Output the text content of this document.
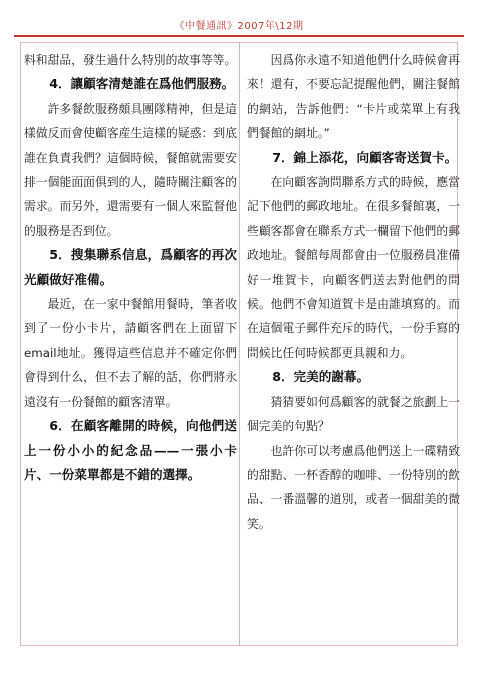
《中餐通訊》2007年\12期

料和甜品，發生過什么特別的故事等等。

4．讓顧客清楚誰在爲他們服務。

許多餐飲服務頗具團隊精神，但是這樣做反而會使顧客産生這樣的疑惑：到底誰在負責我們？這個時候，餐館就需要安排一個能面面俱到的人，隨時關注顧客的需求。而另外，還需要有一個人來監督他的服務是否到位。

5．搜集聯系信息，爲顧客的再次光顧做好准備。

最近，在一家中餐館用餐時，筆者收到了一份小卡片，請顧客們在上面留下email地址。獲得這些信息并不確定你們會得到什么，但不去了解的話，你們將永遠沒有一份餐館的顧客清單。

6．在顧客離開的時候，向他們送上一份小小的紀念品——一張小卡片、一份菜單都是不錯的選擇。

因爲你永遠不知道他們什么時候會再來！還有，不要忘記提醒他們，關注餐館的網站，告訴他們：“卡片或菜單上有我們餐館的網址。”

7．錦上添花，向顧客寄送賀卡。

在向顧客詢問聯系方式的時候，應當記下他們的郵政地址。在很多餐館裏，一些顧客都會在聯系方式一欄留下他們的郵政地址。餐館每周都會由一位服務員准備好一堆賀卡，向顧客們送去對他們的問候。他們不會知道賀卡是由誰填寫的。而在這個電子郵件充斥的時代，一份手寫的問候比任何時候都更具親和力。

8．完美的謝幕。

猜猜要如何爲顧客的就餐之旅劃上一個完美的句點？

也許你可以考慮爲他們送上一碟精致的甜點、一杯香醇的咖啡、一份特別的飲品、一番溫馨的道別，或者一個甜美的微笑。
